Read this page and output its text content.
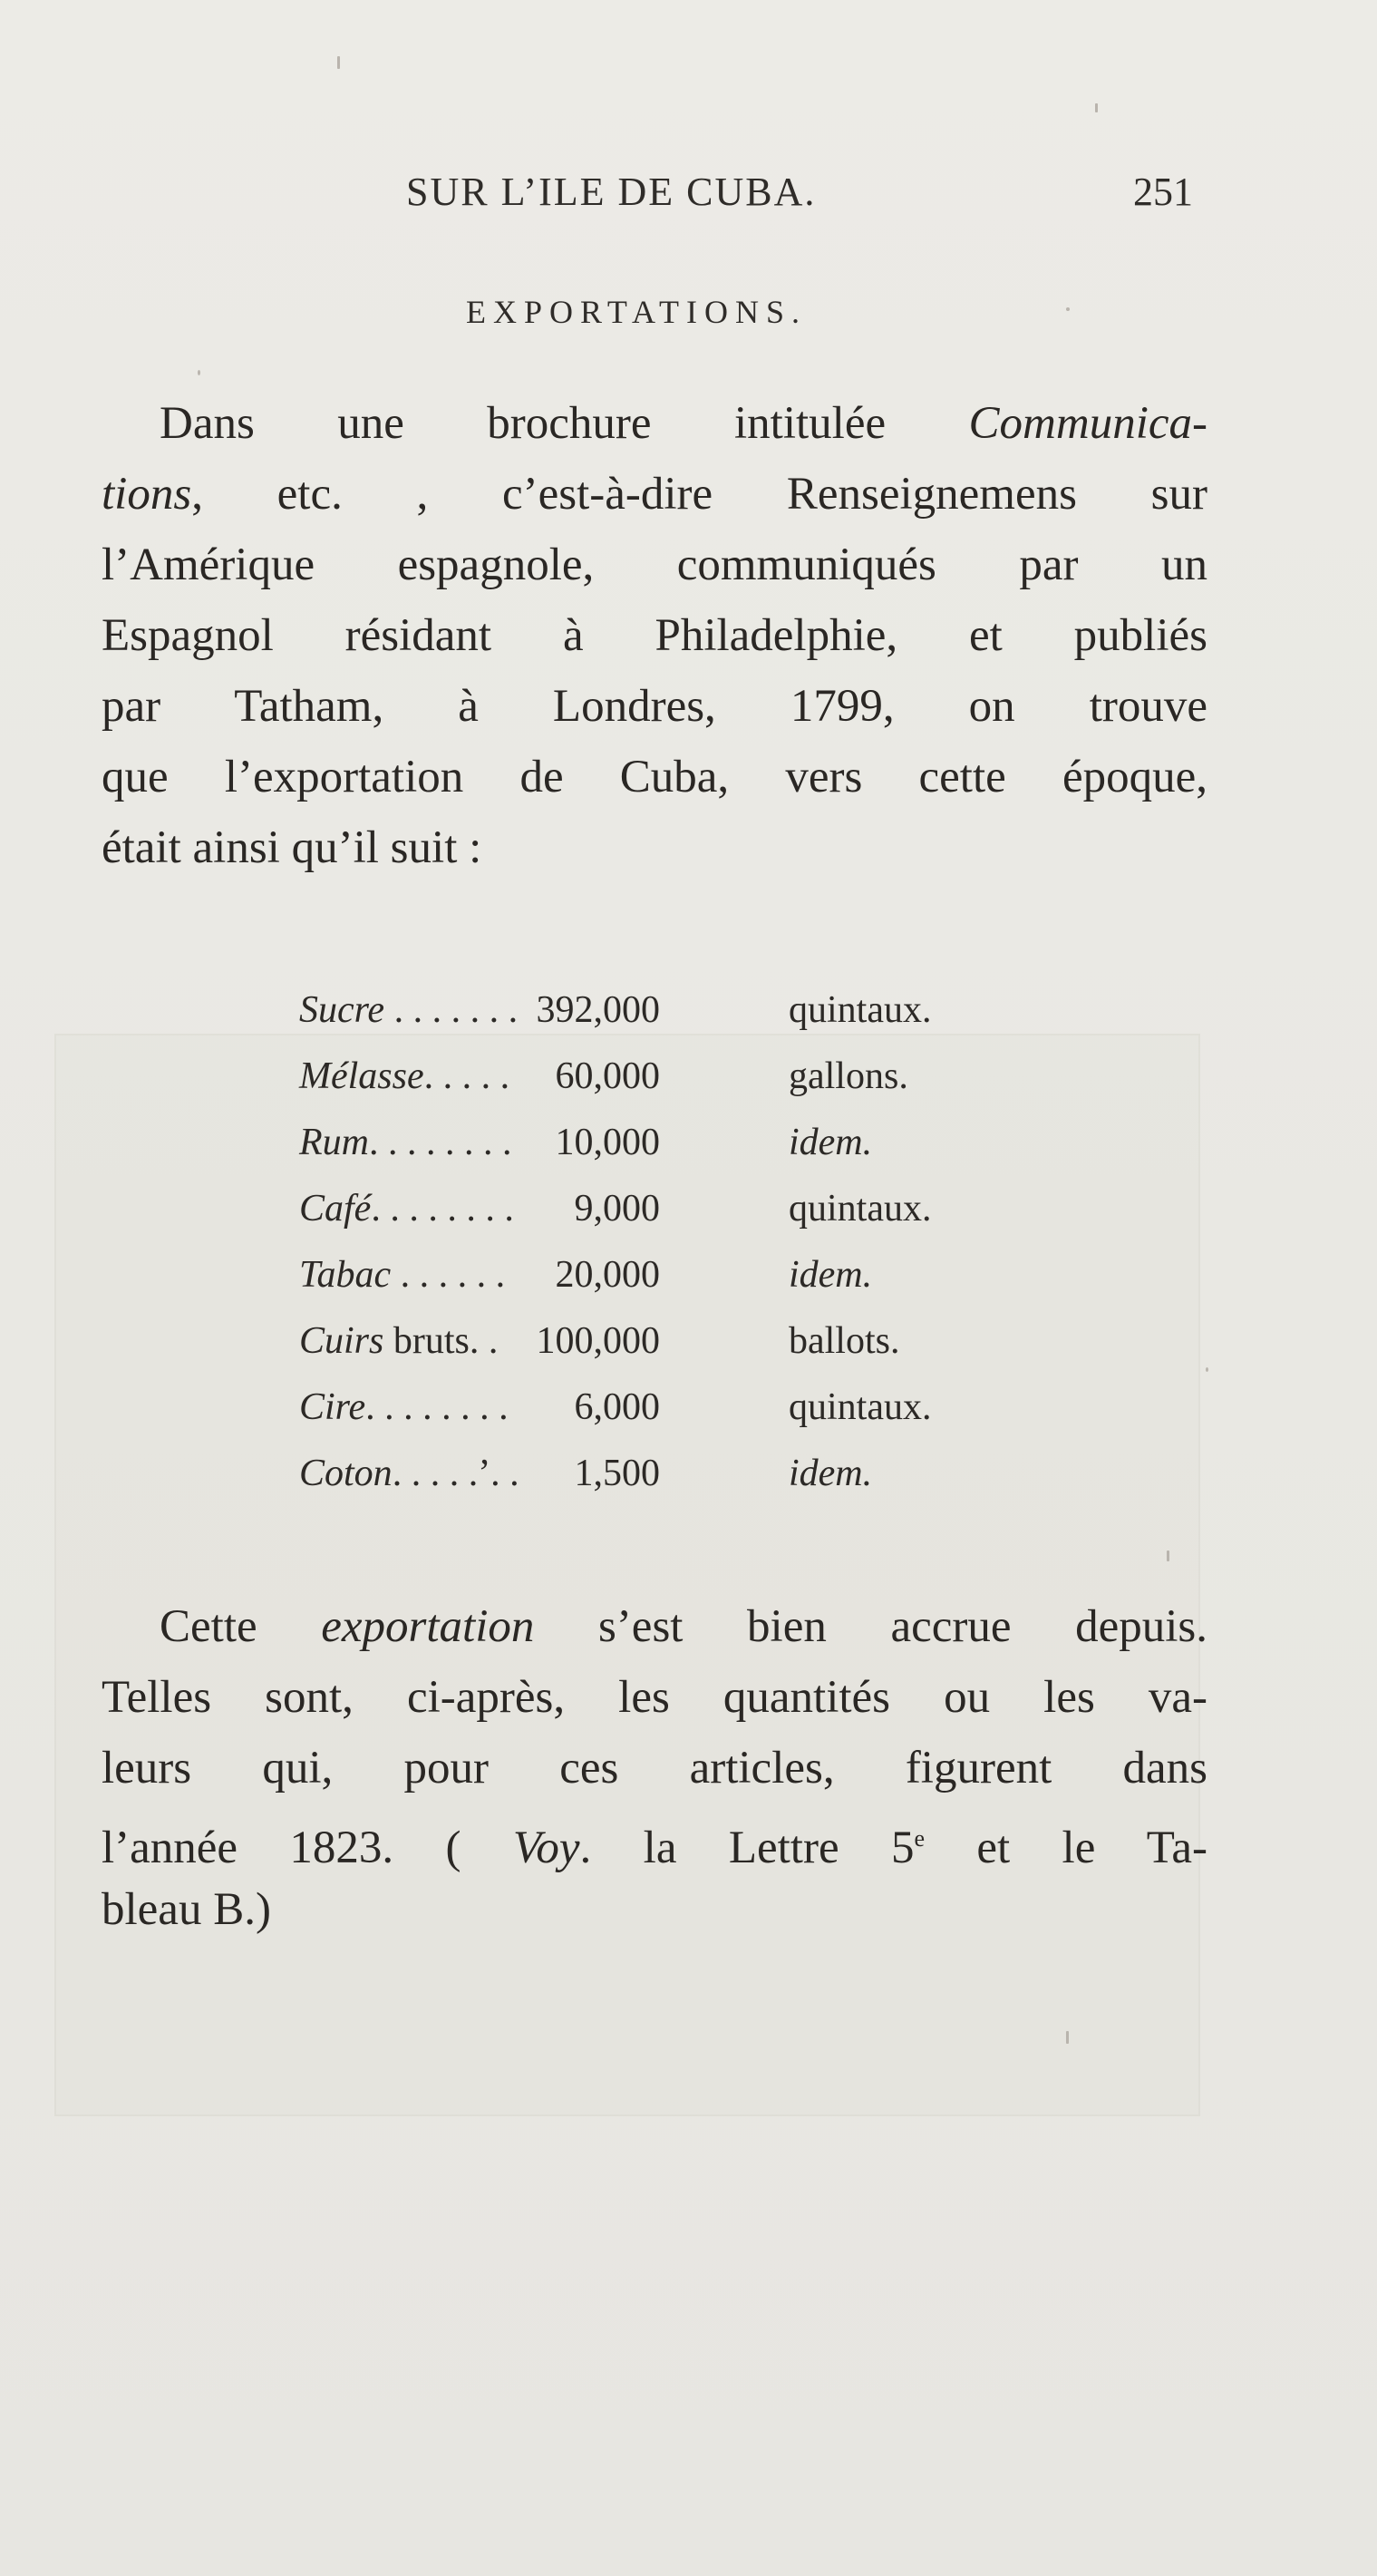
SUR L’ILE DE CUBA.	251
EXPORTATIONS.
Dans une brochure intitulée Communica-
tions, etc. , c’est-à-dire Renseignemens sur
l’Amérique espagnole, communiqués par un
Espagnol résidant à Philadelphie, et publiés
par Tatham, à Londres, 1799, on trouve
que l’exportation de Cuba, vers cette époque,
était ainsi qu’il suit :
Sucre . . . . . . . 392,000	quintaux.
Mélasse. . . . . 60,000	gallons.
Rum. . . . . . . . 10,000	idem.
Café. . . . . . . . 9,000	quintaux.
Tabac . . . . . . 20,000	idem.
Cuirs bruts. . 100,000	ballots.
Cire. . . . . . . . 6,000	quintaux.
Coton. . . . .’. . 1,500	idem.
Cette exportation s’est bien accrue depuis.
Telles sont, ci-après, les quantités ou les va-
leurs qui, pour ces articles, figurent dans
l’année 1823. ( Voy. la Lettre 5e et le Ta-
bleau B.)
